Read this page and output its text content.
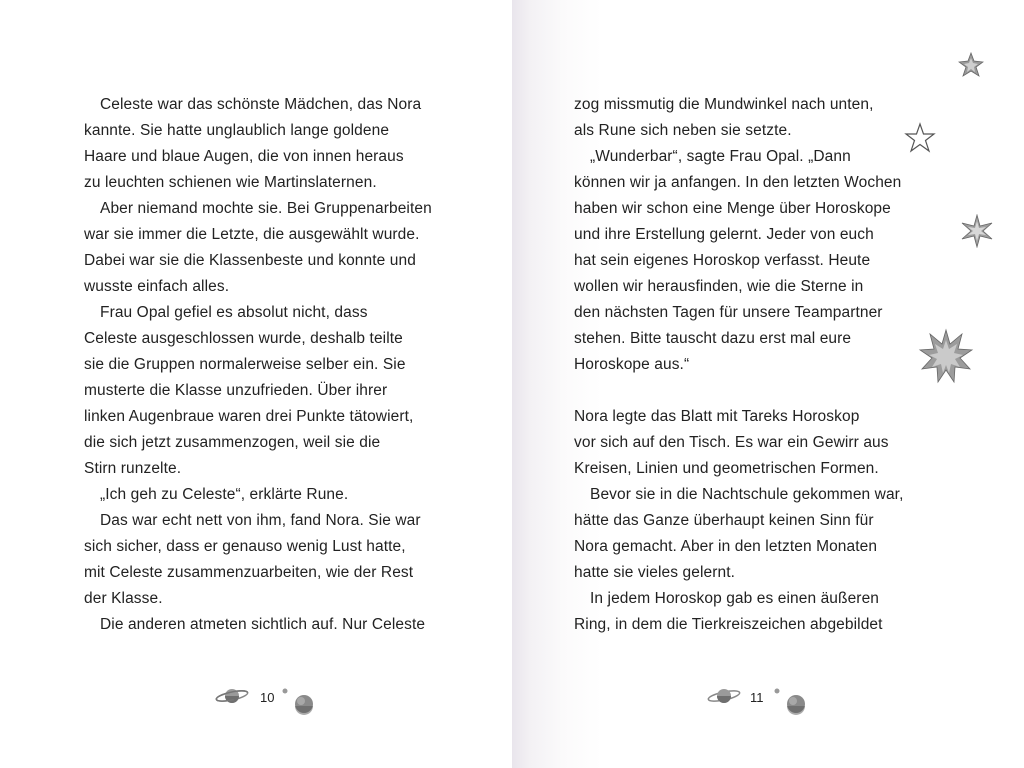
Celeste war das schönste Mädchen, das Nora
kannte. Sie hatte unglaublich lange goldene
Haare und blaue Augen, die von innen heraus
zu leuchten schienen wie Martinslaternen.
Aber niemand mochte sie. Bei Gruppenarbeiten
war sie immer die Letzte, die ausgewählt wurde.
Dabei war sie die Klassenbeste und konnte und
wusste einfach alles.
Frau Opal gefiel es absolut nicht, dass
Celeste ausgeschlossen wurde, deshalb teilte
sie die Gruppen normalerweise selber ein. Sie
musterte die Klasse unzufrieden. Über ihrer
linken Augenbraue waren drei Punkte tätowiert,
die sich jetzt zusammenzogen, weil sie die
Stirn runzelte.
„Ich geh zu Celeste“, erklärte Rune.
Das war echt nett von ihm, fand Nora. Sie war
sich sicher, dass er genauso wenig Lust hatte,
mit Celeste zusammenzuarbeiten, wie der Rest
der Klasse.
Die anderen atmeten sichtlich auf. Nur Celeste
10
zog missmutig die Mundwinkel nach unten,
als Rune sich neben sie setzte.
„Wunderbar“, sagte Frau Opal. „Dann
können wir ja anfangen. In den letzten Wochen
haben wir schon eine Menge über Horoskope
und ihre Erstellung gelernt. Jeder von euch
hat sein eigenes Horoskop verfasst. Heute
wollen wir herausfinden, wie die Sterne in
den nächsten Tagen für unsere Teampartner
stehen. Bitte tauscht dazu erst mal eure
Horoskope aus.“
Nora legte das Blatt mit Tareks Horoskop
vor sich auf den Tisch. Es war ein Gewirr aus
Kreisen, Linien und geometrischen Formen.
Bevor sie in die Nachtschule gekommen war,
hätte das Ganze überhaupt keinen Sinn für
Nora gemacht. Aber in den letzten Monaten
hatte sie vieles gelernt.
In jedem Horoskop gab es einen äußeren
Ring, in dem die Tierkreiszeichen abgebildet
11
